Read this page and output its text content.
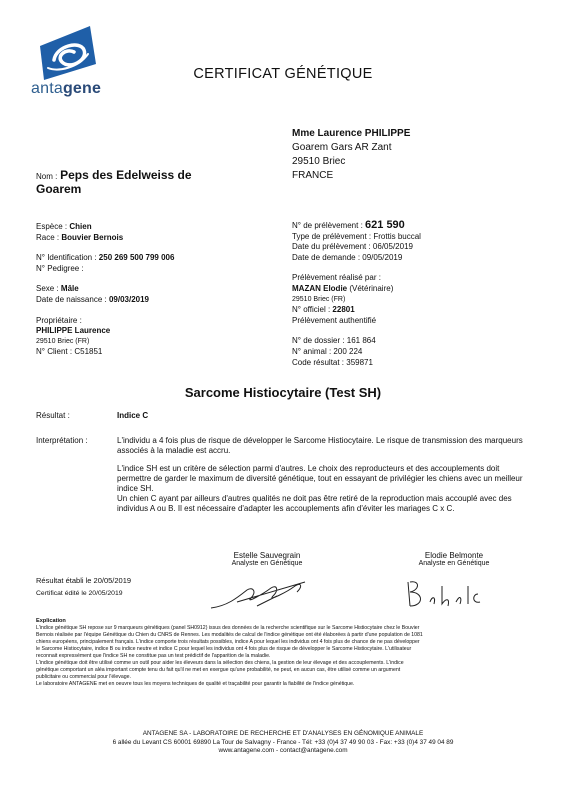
antagene
CERTIFICAT GÉNÉTIQUE
Mme Laurence PHILIPPE
Goarem Gars AR Zant
29510 Briec
FRANCE
Nom : Peps des Edelweiss de
Goarem
Espèce : Chien
Race : Bouvier Bernois
N° Identification : 250 269 500 799 006
N° Pedigree :
Sexe : Mâle
Date de naissance : 09/03/2019
Propriétaire :
PHILIPPE Laurence
29510 Briec (FR)
N° Client : C51851
N° de prélèvement : 621 590
Type de prélèvement : Frottis buccal
Date du prélèvement : 06/05/2019
Date de demande : 09/05/2019
Prélèvement réalisé par :
MAZAN Elodie (Vétérinaire)
29510 Briec (FR)
N° officiel : 22801
Prélèvement authentifié
N° de dossier : 161 864
N° animal : 200 224
Code résultat : 359871
Sarcome Histiocytaire (Test SH)
Résultat :	Indice C
Interprétation :	L'individu a 4 fois plus de risque de développer le Sarcome Histiocytaire. Le risque de transmission des marqueurs associés à la maladie est accru.

L'indice SH est un critère de sélection parmi d'autres. Le choix des reproducteurs et des accouplements doit permettre de garder le maximum de diversité génétique, tout en essayant de privilégier les chiens avec un meilleur indice SH.

Un chien C ayant par ailleurs d'autres qualités ne doit pas être retiré de la reproduction mais accouplé avec des individus A ou B. Il est nécessaire d'adapter les accouplements afin d'éviter les mariages C x C.

Estelle Sauvegrain
Analyste en Génétique
Elodie Belmonte
Analyste en Génétique
Résultat établi le 20/05/2019
Certificat édité le 20/05/2019
Explication
L'indice génétique SH repose sur 9 marqueurs génétiques (panel SH0912) issus des données de la recherche scientifique sur le Sarcome Histiocytaire chez le Bouvier
Bernois réalisée par l'équipe Génétique du Chien du CNRS de Rennes. Les modalités de calcul de l'indice génétique ont été élaborées à partir d'une population de 1081
chiens européens, principalement français. L'indice comporte trois résultats possibles, indice A pour lequel les individus ont 4 fois plus de chance de ne pas développer
le Sarcome Histiocytaire, indice B ou indice neutre et indice C pour lequel les individus ont 4 fois plus de risque de développer le Sarcome Histiocytaire. L'utilisateur
reconnait expressément que l'indice SH ne constitue pas un test prédictif de l'apparition de la maladie.
L'indice génétique doit être utilisé comme un outil pour aider les éleveurs dans la sélection des chiens, la gestion de leur élevage et des accouplements. L'indice
génétique comportant un aléa important compte tenu du fait qu'il ne met en exergue qu'une probabilité, ne peut, en aucun cas, être utilisé comme un argument
publicitaire ou commercial pour l'élevage.
Le laboratoire ANTAGENE met en oeuvre tous les moyens techniques de qualité et traçabilité pour garantir la fiabilité de l'indice génétique.
ANTAGENE SA - LABORATOIRE DE RECHERCHE ET D'ANALYSES EN GÉNOMIQUE ANIMALE
6 allée du Levant CS 60001 69890 La Tour de Salvagny - France - Tél: +33 (0)4 37 49 90 03 - Fax: +33 (0)4 37 49 04 89
www.antagene.com - contact@antagene.com
